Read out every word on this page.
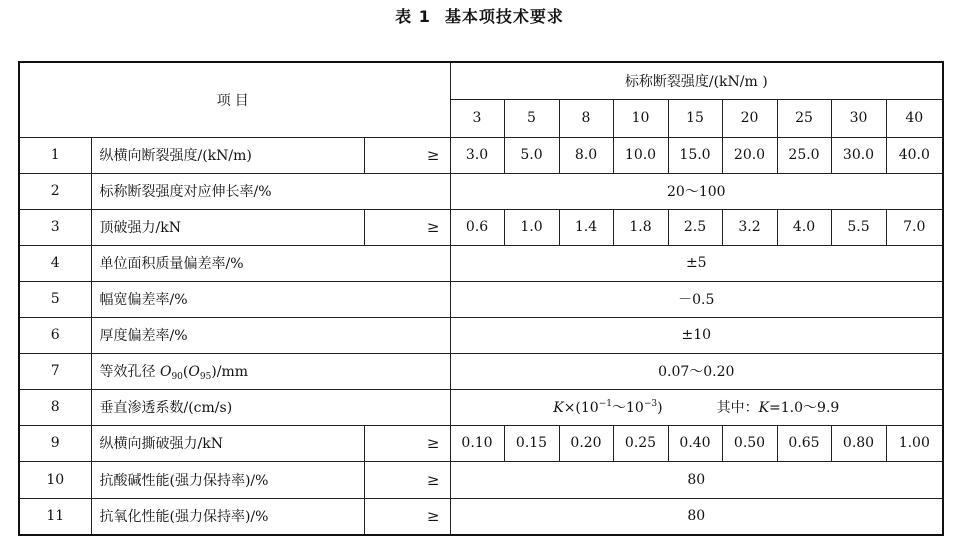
表 1 基本项技术要求
项目			标称断裂强度/(kN/m )								
			3	5	8	10	15	20	25	30	40
1	纵横向断裂强度/(kN/m)	≥	3.0	5.0	8.0	10.0	15.0	20.0	25.0	30.0	40.0
2	标称断裂强度对应伸长率/%		20～100								
3	顶破强力/kN	≥	0.6	1.0	1.4	1.8	2.5	3.2	4.0	5.5	7.0
4	单位面积质量偏差率/%		±5								
5	幅宽偏差率/%		－0.5								
6	厚度偏差率/%		±10								
7	等效孔径 $O_{90}(O_{95})/mm$		0.07～0.20								
8	垂直渗透系数/(cm/s)		$K\times(10^{-1}\sim 10^{-3})$ 其中：K=1.0～9.9								
9	纵横向撕破强力/kN	≥	0.10	0.15	0.20	0.25	0.40	0.50	0.65	0.80	1.00
10	抗酸碱性能(强力保持率)/%	≥	80								
11	抗氧化性能(强力保持率)/%	≥	80								
